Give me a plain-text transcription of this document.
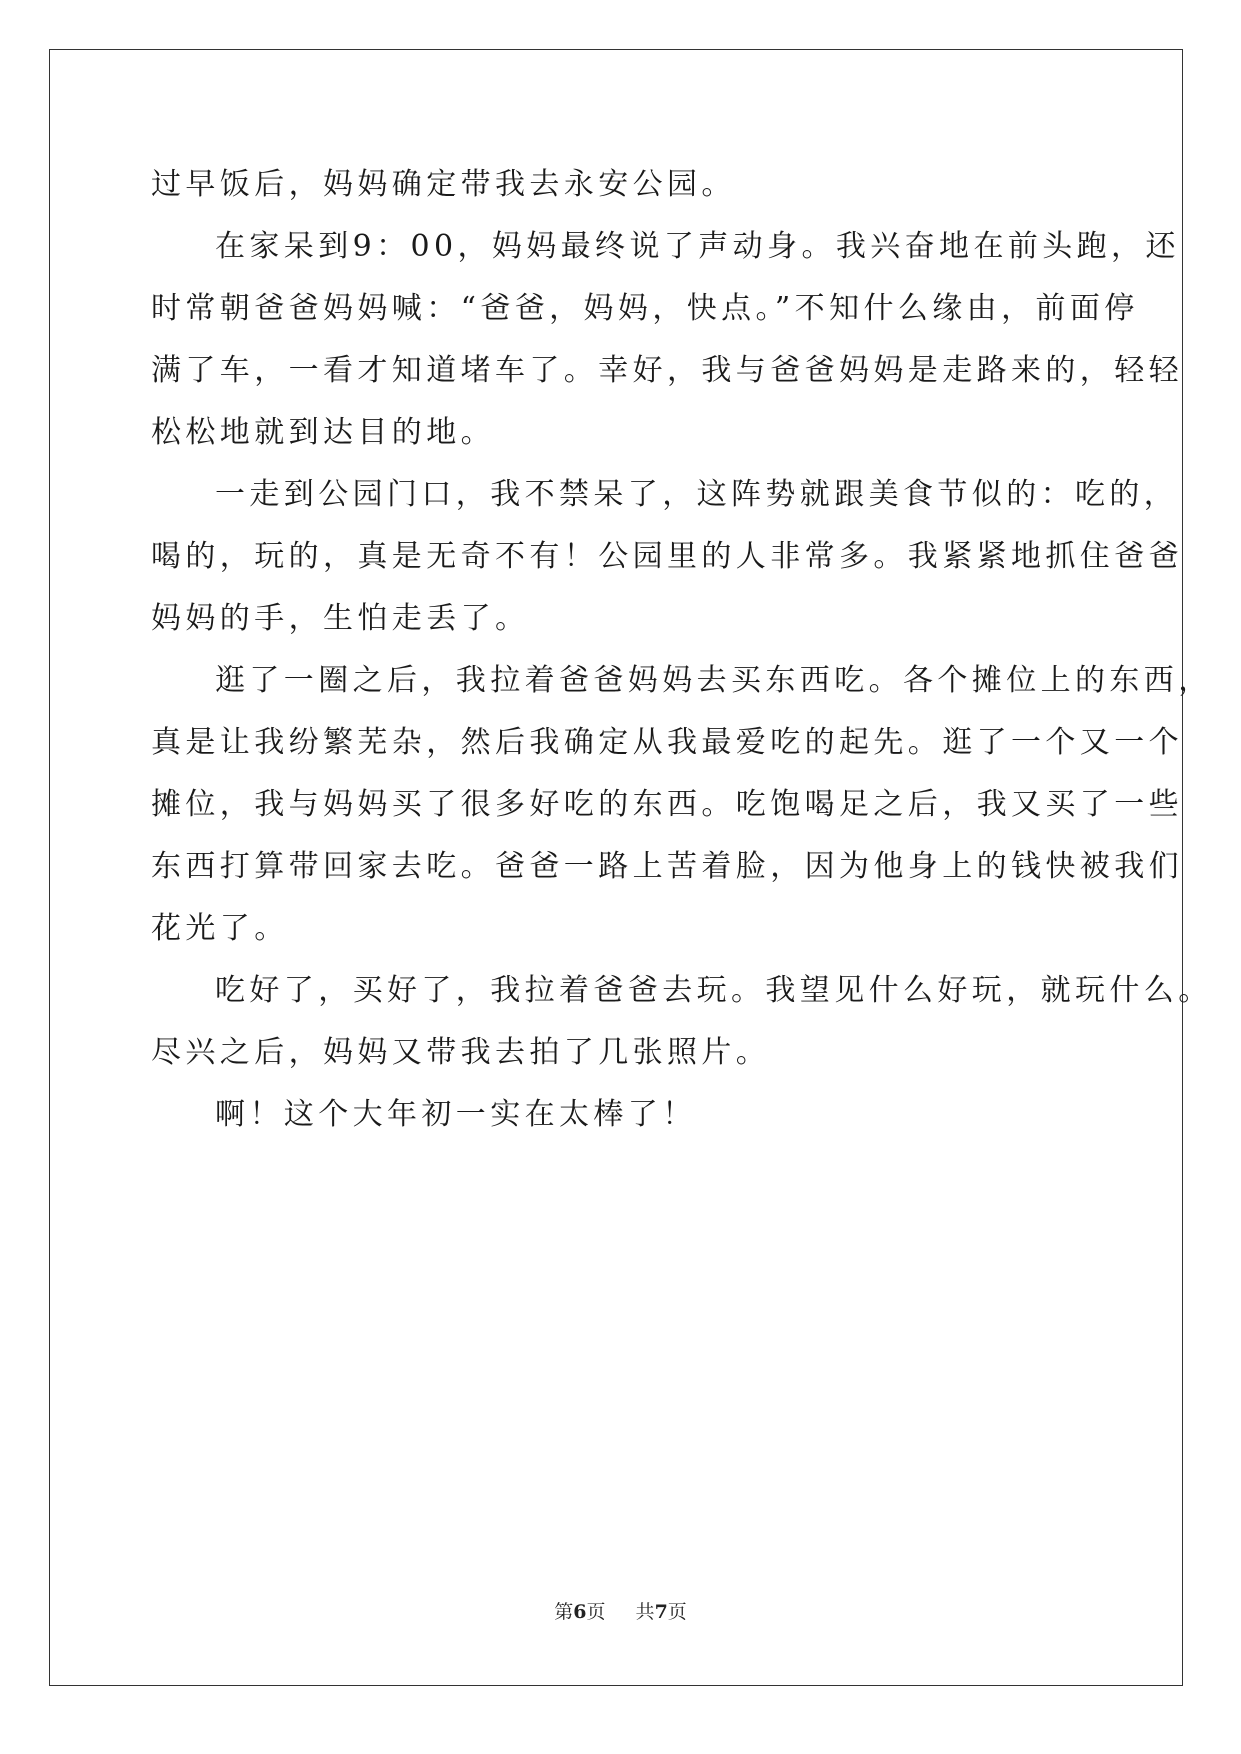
过早饭后，妈妈确定带我去永安公园。
在家呆到9：00，妈妈最终说了声动身。我兴奋地在前头跑，还
时常朝爸爸妈妈喊：“爸爸，妈妈，快点。”不知什么缘由，前面停
满了车，一看才知道堵车了。幸好，我与爸爸妈妈是走路来的，轻轻
松松地就到达目的地。
一走到公园门口，我不禁呆了，这阵势就跟美食节似的：吃的，
喝的，玩的，真是无奇不有！公园里的人非常多。我紧紧地抓住爸爸
妈妈的手，生怕走丢了。
逛了一圈之后，我拉着爸爸妈妈去买东西吃。各个摊位上的东西，
真是让我纷繁芜杂，然后我确定从我最爱吃的起先。逛了一个又一个
摊位，我与妈妈买了很多好吃的东西。吃饱喝足之后，我又买了一些
东西打算带回家去吃。爸爸一路上苦着脸，因为他身上的钱快被我们
花光了。
吃好了，买好了，我拉着爸爸去玩。我望见什么好玩，就玩什么。
尽兴之后，妈妈又带我去拍了几张照片。
啊！这个大年初一实在太棒了！
第6页 共7页
